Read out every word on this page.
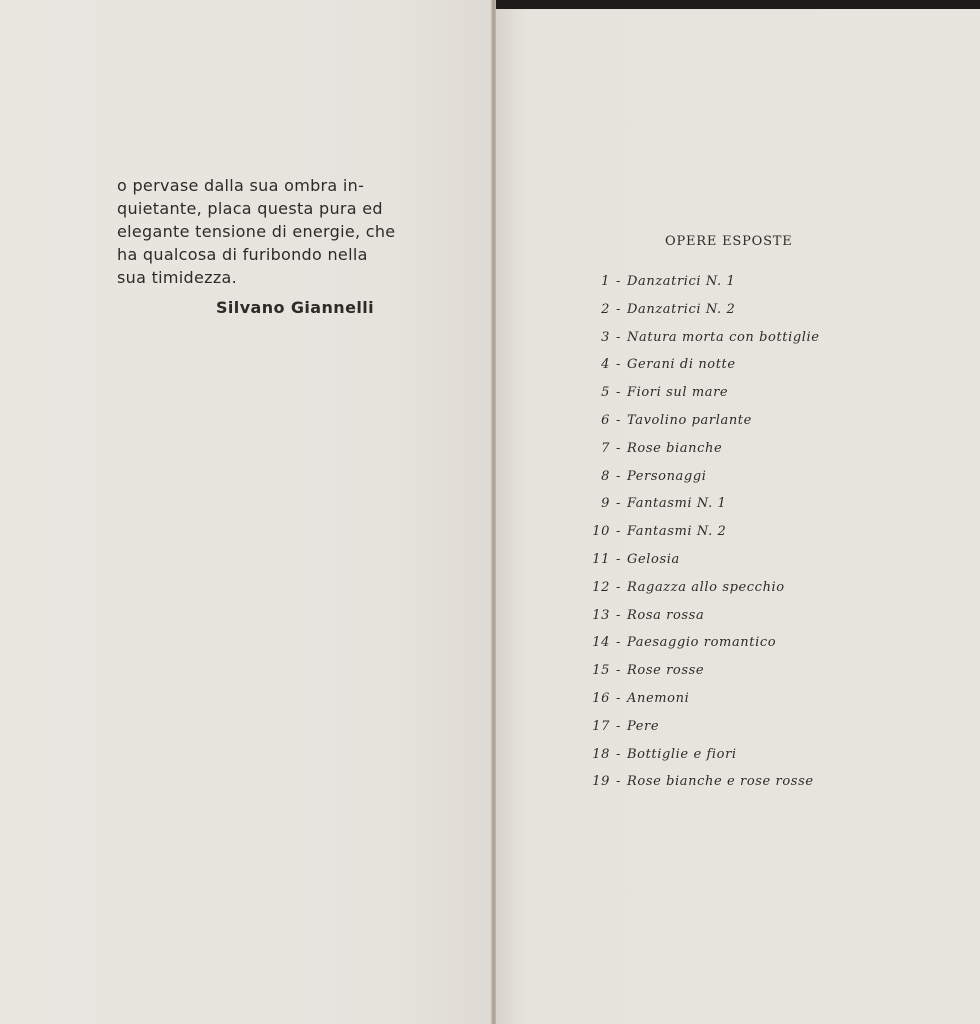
o pervase dalla sua ombra in-

quietante, placa questa pura ed

elegante tensione di energie, che

ha qualcosa di furibondo nella

sua timidezza.

Silvano Giannelli
OPERE ESPOSTE
1 - Danzatrici N. 1
2 - Danzatrici N. 2
3 - Natura morta con bottiglie
4 - Gerani di notte
5 - Fiori sul mare
6 - Tavolino parlante
7 - Rose bianche
8 - Personaggi
9 - Fantasmi N. 1
10 - Fantasmi N. 2
11 - Gelosia
12 - Ragazza allo specchio
13 - Rosa rossa
14 - Paesaggio romantico
15 - Rose rosse
16 - Anemoni
17 - Pere
18 - Bottiglie e fiori
19 - Rose bianche e rose rosse
